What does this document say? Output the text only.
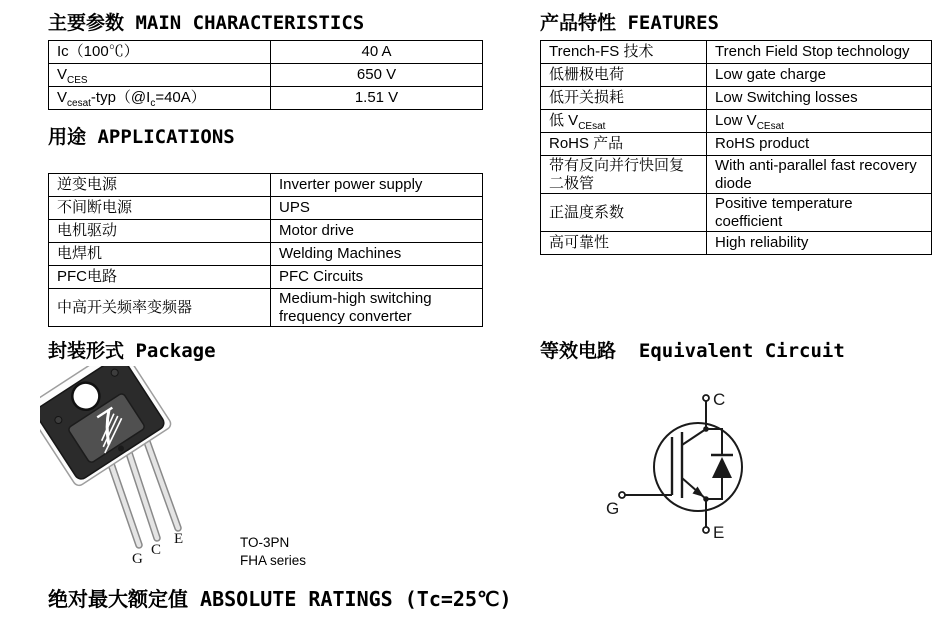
主要参数 MAIN CHARACTERISTICS
Ic（100℃）	40 A
$V_{CES}$	650 V
$V_{cesat}-typ(@I_c=40A)$	1.51 V
用途 APPLICATIONS
逆变电源	Inverter power supply
不间断电源	UPS
电机驱动	Motor drive
电焊机	Welding Machines
PFC电路	PFC Circuits
中高开关频率变频器	Medium-high switching frequency converter
产品特性 FEATURES
Trench-FS 技术	Trench Field Stop technology
低栅极电荷	Low gate charge
低开关损耗	Low Switching losses
低 $V_{CEsat}$	Low $V_{CEsat}$
RoHS 产品	RoHS product
带有反向并行快回复二极管	With anti-parallel fast recovery diode
正温度系数	Positive temperature coefficient
高可靠性	High reliability
封装形式 Package
G
C
E	TO-3PN
FHA series
等效电路  Equivalent Circuit
C
G
E
绝对最大额定值 ABSOLUTE RATINGS (Tc=25℃)
